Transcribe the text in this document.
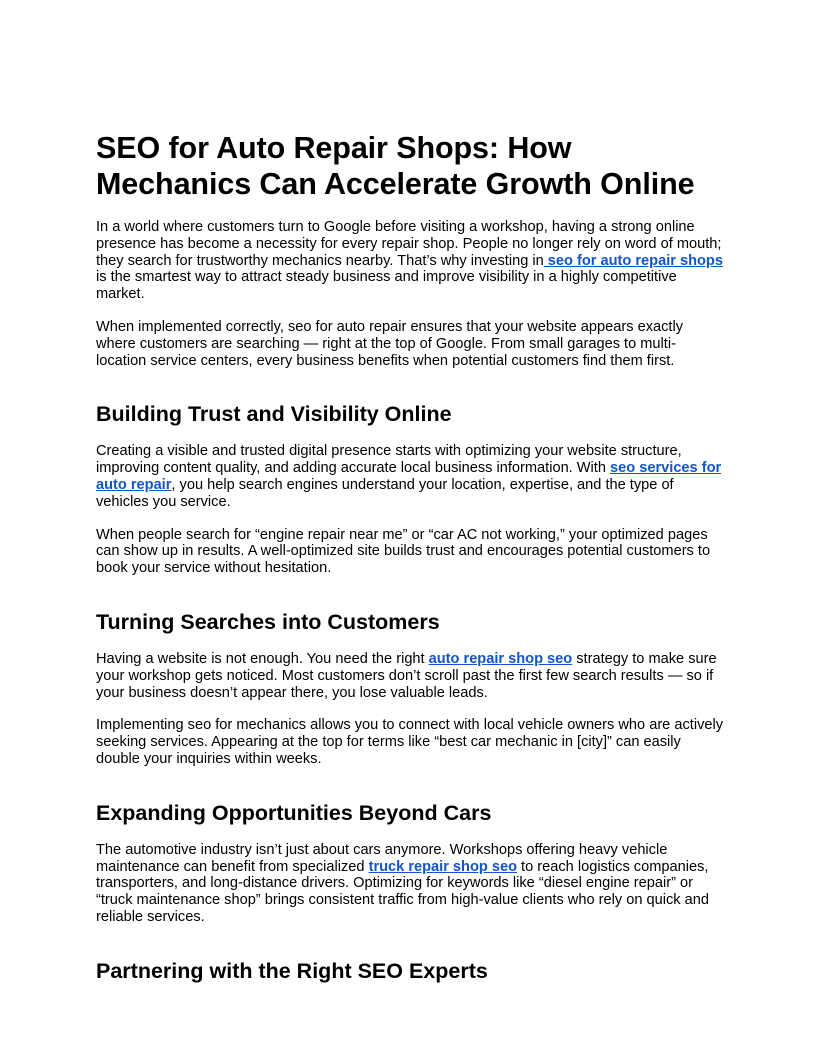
SEO for Auto Repair Shops: How Mechanics Can Accelerate Growth Online

In a world where customers turn to Google before visiting a workshop, having a strong online presence has become a necessity for every repair shop. People no longer rely on word of mouth; they search for trustworthy mechanics nearby. That’s why investing in seo for auto repair shops is the smartest way to attract steady business and improve visibility in a highly competitive market.

When implemented correctly, seo for auto repair ensures that your website appears exactly where customers are searching — right at the top of Google. From small garages to multi-location service centers, every business benefits when potential customers find them first.

Building Trust and Visibility Online

Creating a visible and trusted digital presence starts with optimizing your website structure, improving content quality, and adding accurate local business information. With seo services for auto repair, you help search engines understand your location, expertise, and the type of vehicles you service.

When people search for “engine repair near me” or “car AC not working,” your optimized pages can show up in results. A well-optimized site builds trust and encourages potential customers to book your service without hesitation.

Turning Searches into Customers

Having a website is not enough. You need the right auto repair shop seo strategy to make sure your workshop gets noticed. Most customers don’t scroll past the first few search results — so if your business doesn’t appear there, you lose valuable leads.

Implementing seo for mechanics allows you to connect with local vehicle owners who are actively seeking services. Appearing at the top for terms like “best car mechanic in [city]” can easily double your inquiries within weeks.

Expanding Opportunities Beyond Cars

The automotive industry isn’t just about cars anymore. Workshops offering heavy vehicle maintenance can benefit from specialized truck repair shop seo to reach logistics companies, transporters, and long-distance drivers. Optimizing for keywords like “diesel engine repair” or “truck maintenance shop” brings consistent traffic from high-value clients who rely on quick and reliable services.

Partnering with the Right SEO Experts
